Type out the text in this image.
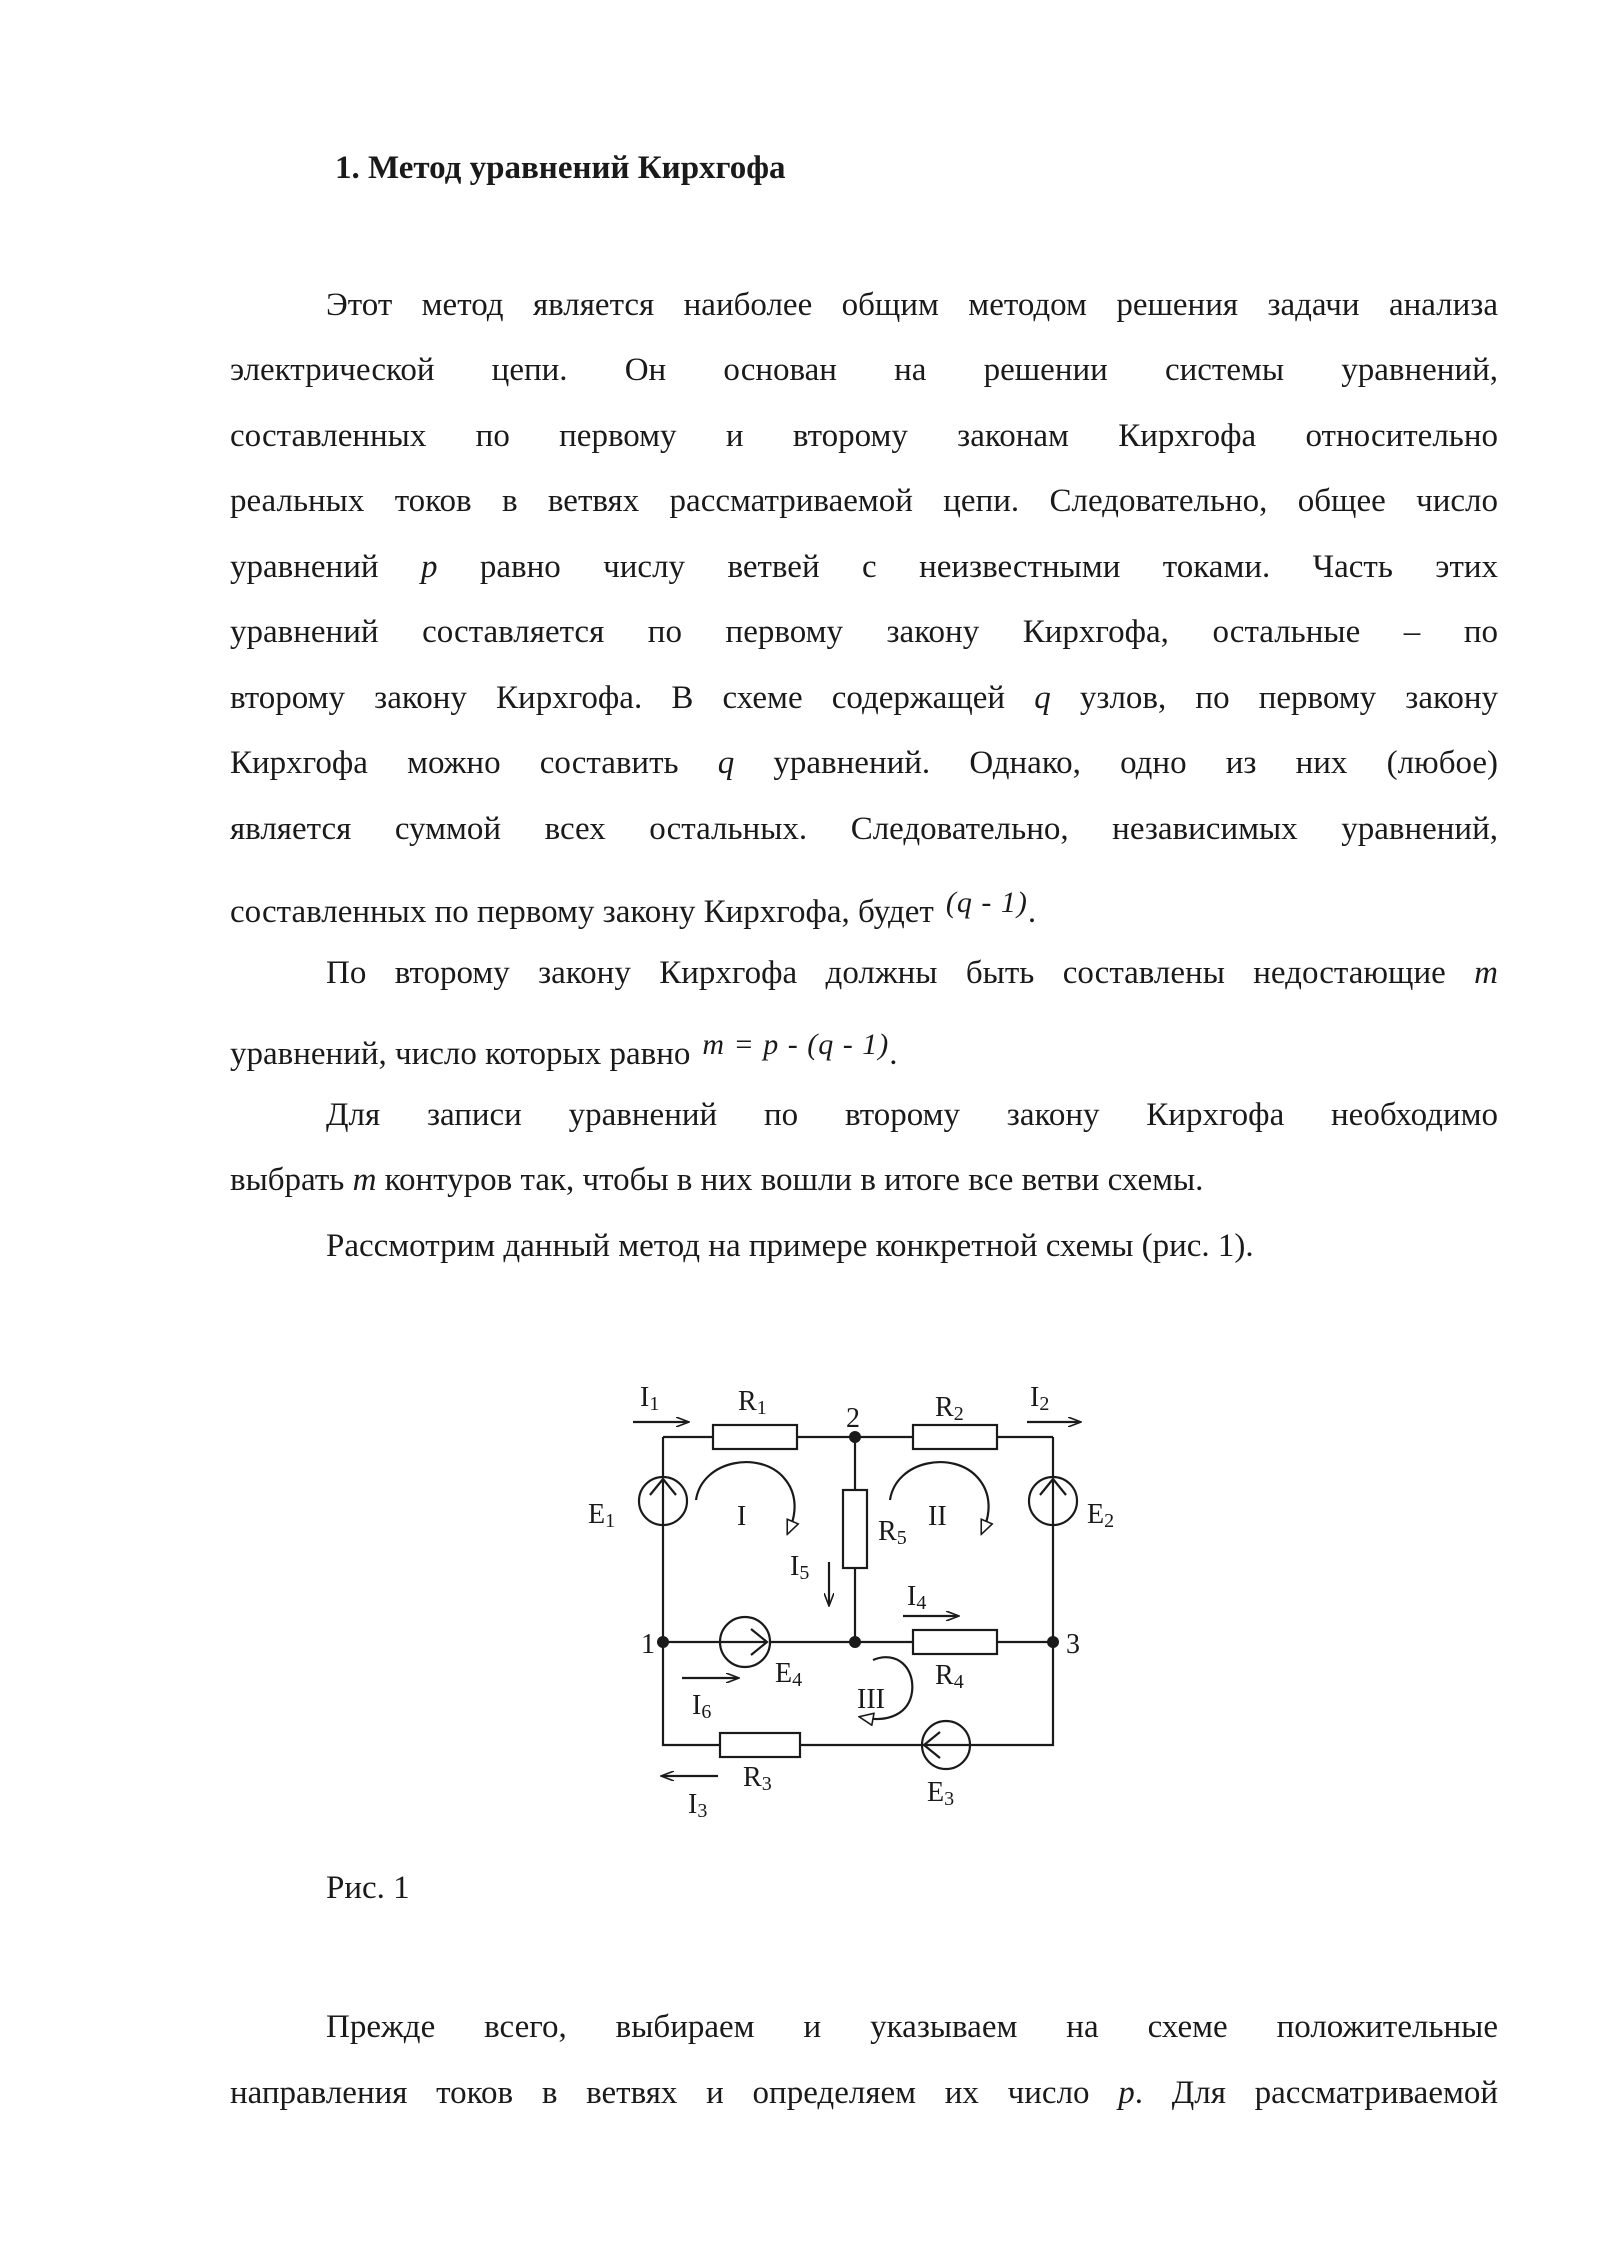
1. Метод уравнений Кирхгофа

Этот метод является наиболее общим методом решения задачи анализа

электрической цепи. Он основан на решении системы уравнений,

составленных по первому и второму законам Кирхгофа относительно

реальных токов в ветвях рассматриваемой цепи. Следовательно, общее число

уравнений p равно числу ветвей с неизвестными токами. Часть этих

уравнений составляется по первому закону Кирхгофа, остальные – по

второму закону Кирхгофа. В схеме содержащей q узлов, по первому закону

Кирхгофа можно составить q уравнений. Однако, одно из них (любое)

является суммой всех остальных. Следовательно, независимых уравнений,

составленных по первому закону Кирхгофа, будет (q - 1).

По второму закону Кирхгофа должны быть составлены недостающие m

уравнений, число которых равно m = p - (q - 1).

Для записи уравнений по второму закону Кирхгофа необходимо

выбрать m контуров так, чтобы в них вошли в итоге все ветви схемы.

Рассмотрим данный метод на примере конкретной схемы (рис. 1).

1
2
3
R1	R2
R3
R4
R5
E1	E2
E3
E4
I1	I2
I3
I4
I5
I6
I	II
III

Рис. 1

Прежде всего, выбираем и указываем на схеме положительные

направления токов в ветвях и определяем их число p. Для рассматриваемой
